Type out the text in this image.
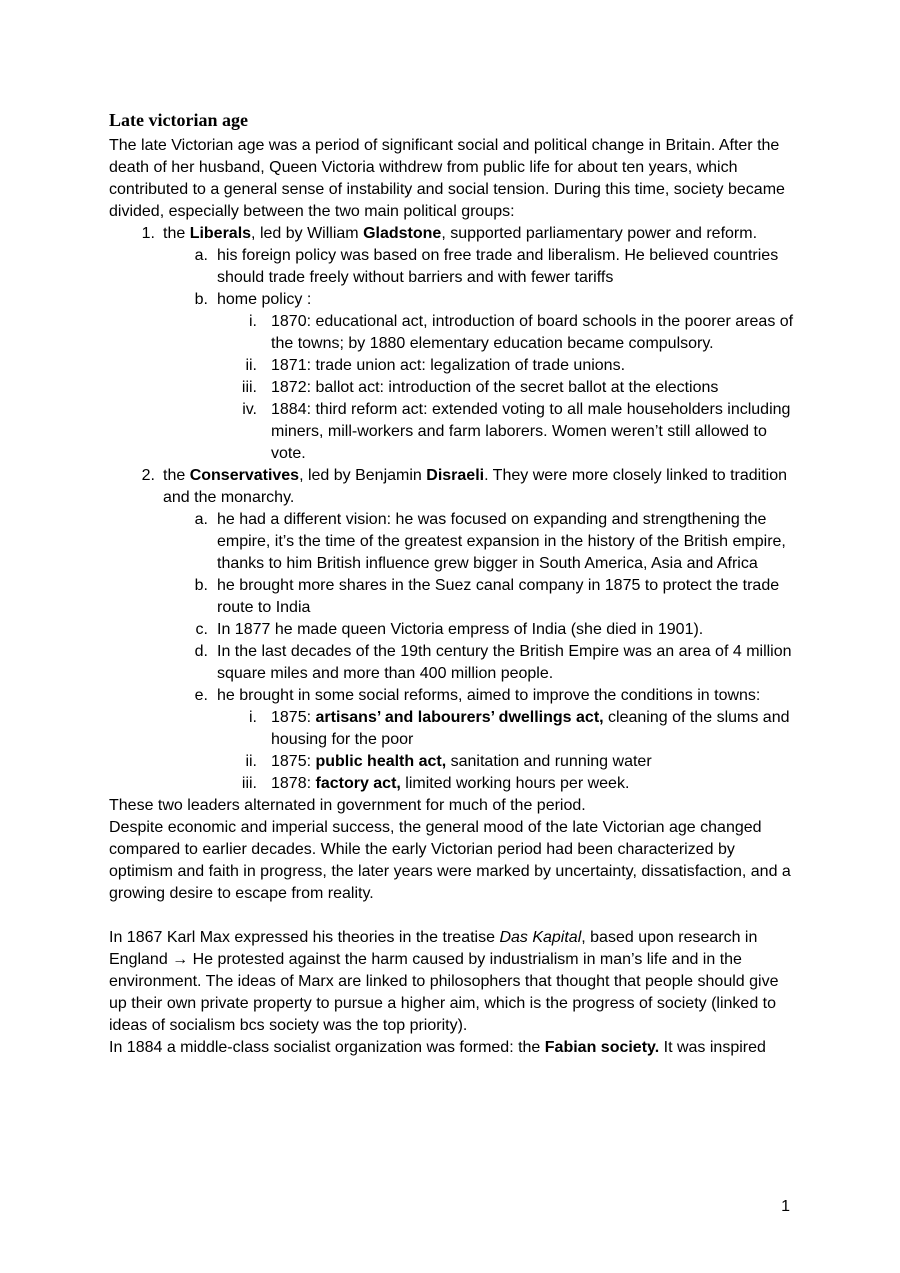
Late victorian age

The late Victorian age was a period of significant social and political change in Britain. After the death of her husband, Queen Victoria withdrew from public life for about ten years, which contributed to a general sense of instability and social tension. During this time, society became divided, especially between the two main political groups:

1. the Liberals, led by William Gladstone, supported parliamentary power and reform.
a. his foreign policy was based on free trade and liberalism. He believed countries should trade freely without barriers and with fewer tariffs
b. home policy :
i. 1870: educational act, introduction of board schools in the poorer areas of the towns; by 1880 elementary education became compulsory.
ii. 1871: trade union act: legalization of trade unions.
iii. 1872: ballot act: introduction of the secret ballot at the elections
iv. 1884: third reform act: extended voting to all male householders including miners, mill-workers and farm laborers. Women weren’t still allowed to vote.
2. the Conservatives, led by Benjamin Disraeli. They were more closely linked to tradition and the monarchy.
a. he had a different vision: he was focused on expanding and strengthening the empire, it’s the time of the greatest expansion in the history of the British empire, thanks to him British influence grew bigger in South America, Asia and Africa
b. he brought more shares in the Suez canal company in 1875 to protect the trade route to India
c. In 1877 he made queen Victoria empress of India (she died in 1901).
d. In the last decades of the 19th century the British Empire was an area of 4 million square miles and more than 400 million people.
e. he brought in some social reforms, aimed to improve the conditions in towns:
i. 1875: artisans’ and labourers’ dwellings act, cleaning of the slums and housing for the poor
ii. 1875: public health act, sanitation and running water
iii. 1878: factory act, limited working hours per week.

These two leaders alternated in government for much of the period.

Despite economic and imperial success, the general mood of the late Victorian age changed compared to earlier decades. While the early Victorian period had been characterized by optimism and faith in progress, the later years were marked by uncertainty, dissatisfaction, and a growing desire to escape from reality.

In 1867 Karl Max expressed his theories in the treatise Das Kapital, based upon research in England → He protested against the harm caused by industrialism in man’s life and in the environment. The ideas of Marx are linked to philosophers that thought that people should give up their own private property to pursue a higher aim, which is the progress of society (linked to ideas of socialism bcs society was the top priority).

In 1884 a middle-class socialist organization was formed: the Fabian society. It was inspired

1
